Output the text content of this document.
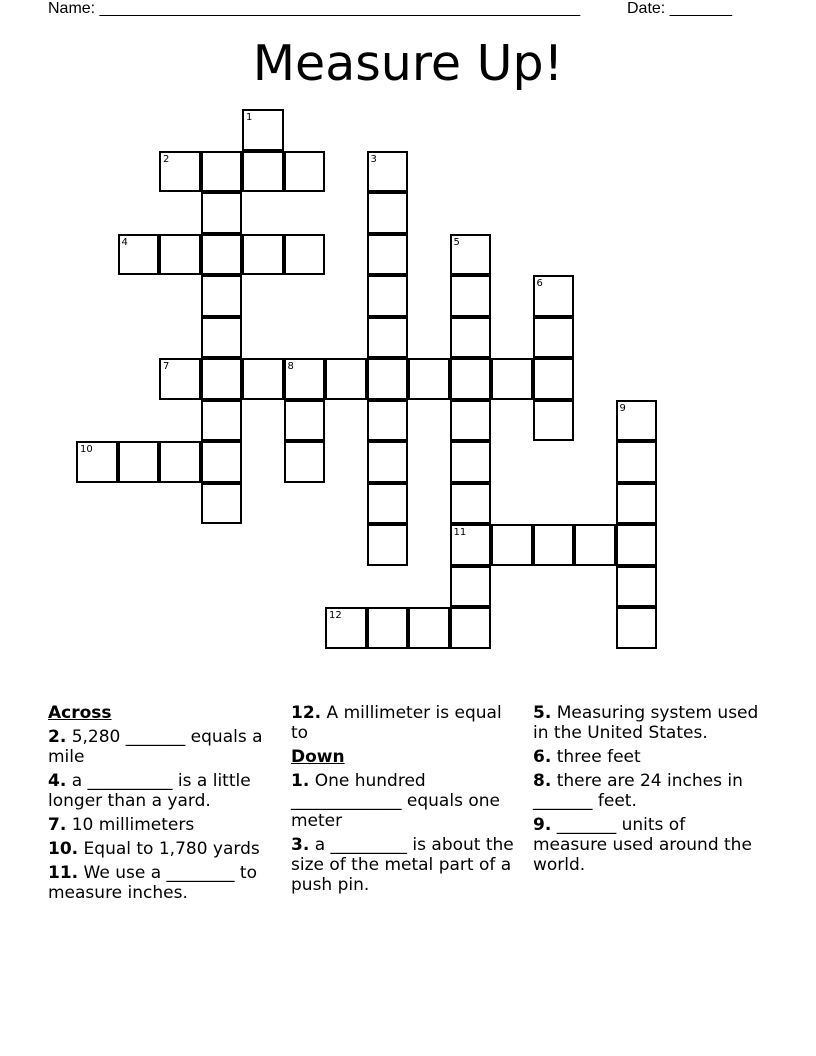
Name: ______________________________________________________	Date: _______
Measure Up!
1
2	3
4	5
6
7	8
9
10
11
12
Across
2. 5,280 _______ equals a mile
4. a __________ is a little longer than a yard.
7. 10 millimeters
10. Equal to 1,780 yards
11. We use a ________ to measure inches.
12. A millimeter is equal to
Down
1. One hundred _____________ equals one meter
3. a _________ is about the size of the metal part of a push pin.
5. Measuring system used in the United States.
6. three feet
8. there are 24 inches in _______ feet.
9. _______ units of measure used around the world.
